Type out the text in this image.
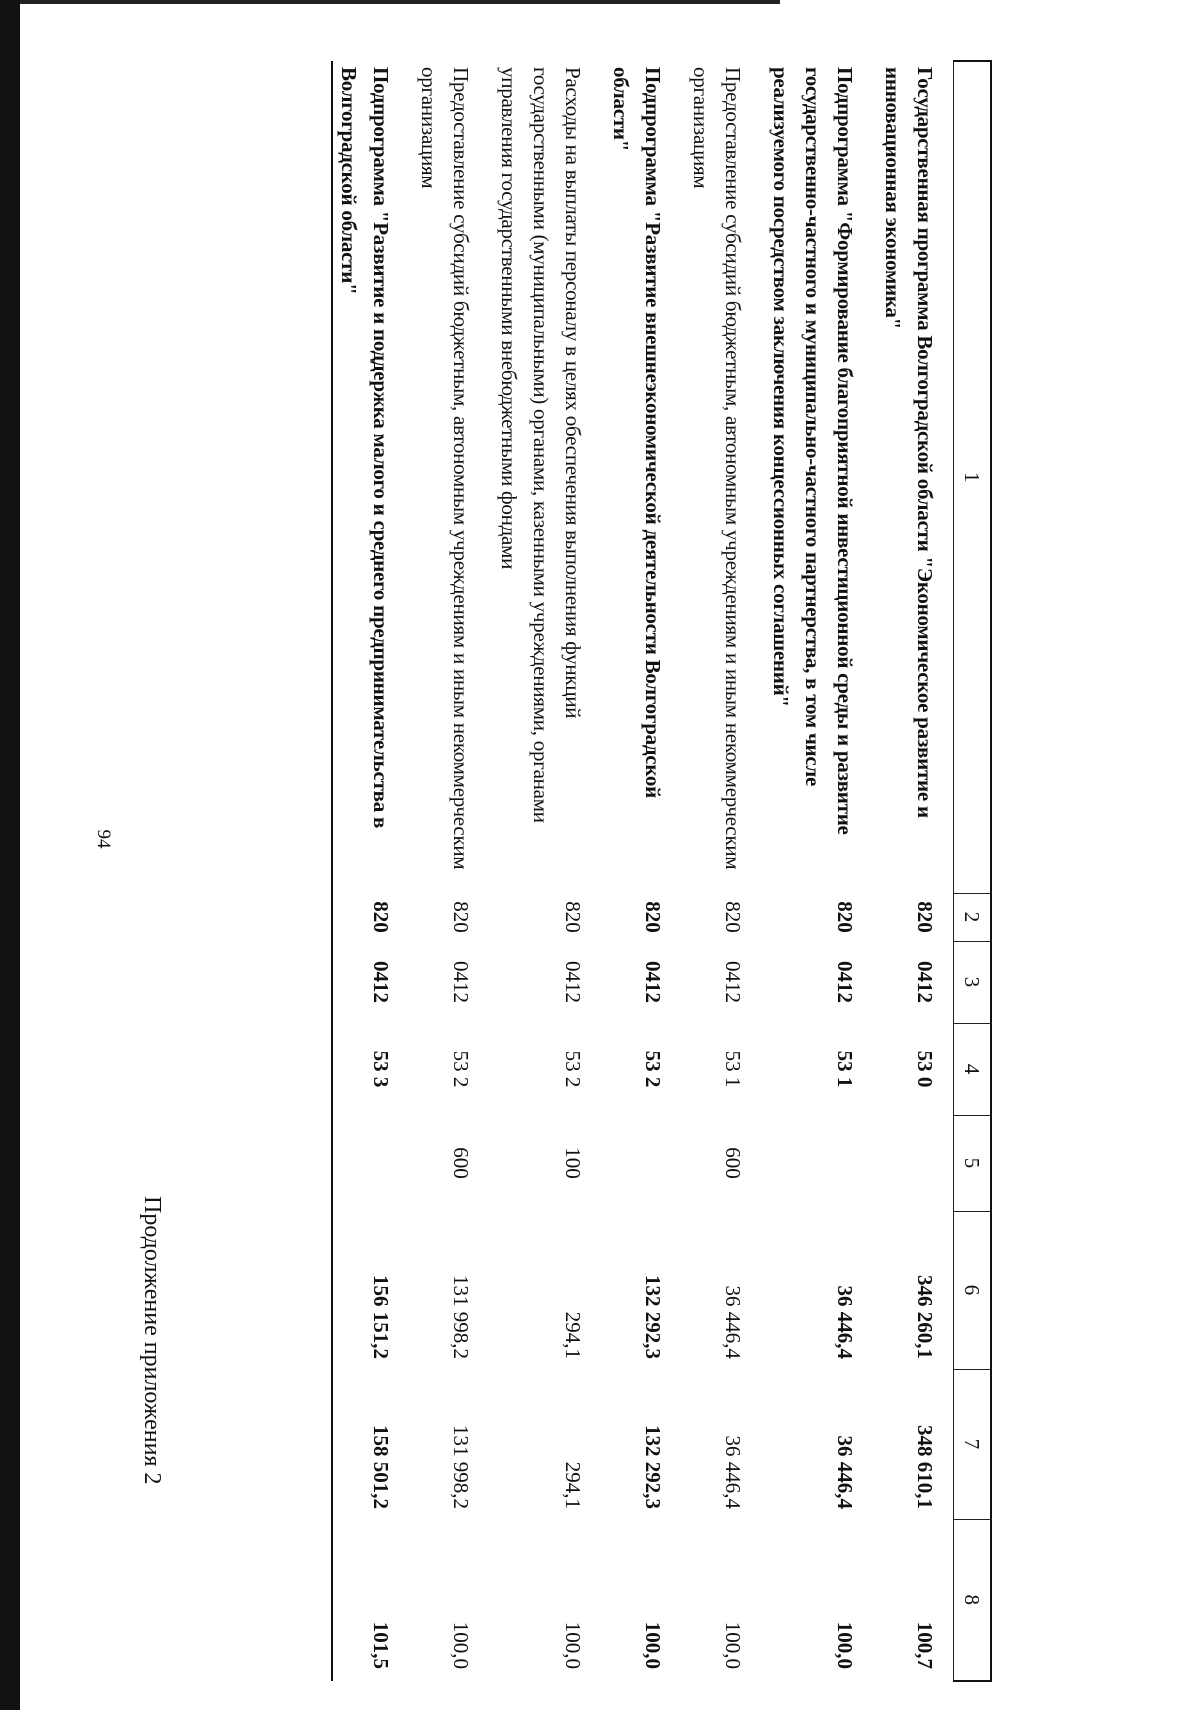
94
Продолжение приложения 2
1	2	3	4	5	6	7	8
Государственная программа Волгоградской области "Экономическое развитие и инновационная экономика"	820	0412	53 0		346 260,1	348 610,1	100,7
Подпрограмма "Формирование благоприятной инвестиционной среды и развитие государственно-частного и муниципально-частного партнерства, в том числе реализуемого посредством заключения концессионных соглашений"	820	0412	53 1		36 446,4	36 446,4	100,0
Предоставление субсидий бюджетным, автономным учреждениям и иным некоммерческим организациям	820	0412	53 1	600	36 446,4	36 446,4	100,0
Подпрограмма "Развитие внешнеэкономической деятельности Волгоградской области"	820	0412	53 2		132 292,3	132 292,3	100,0
Расходы на выплаты персоналу в целях обеспечения выполнения функций государственными (муниципальными) органами, казенными учреждениями, органами управления государственными внебюджетными фондами	820	0412	53 2	100	294,1	294,1	100,0
Предоставление субсидий бюджетным, автономным учреждениям и иным некоммерческим организациям	820	0412	53 2	600	131 998,2	131 998,2	100,0
Подпрограмма "Развитие и поддержка малого и среднего предпринимательства в Волгоградской области"	820	0412	53 3		156 151,2	158 501,2	101,5
